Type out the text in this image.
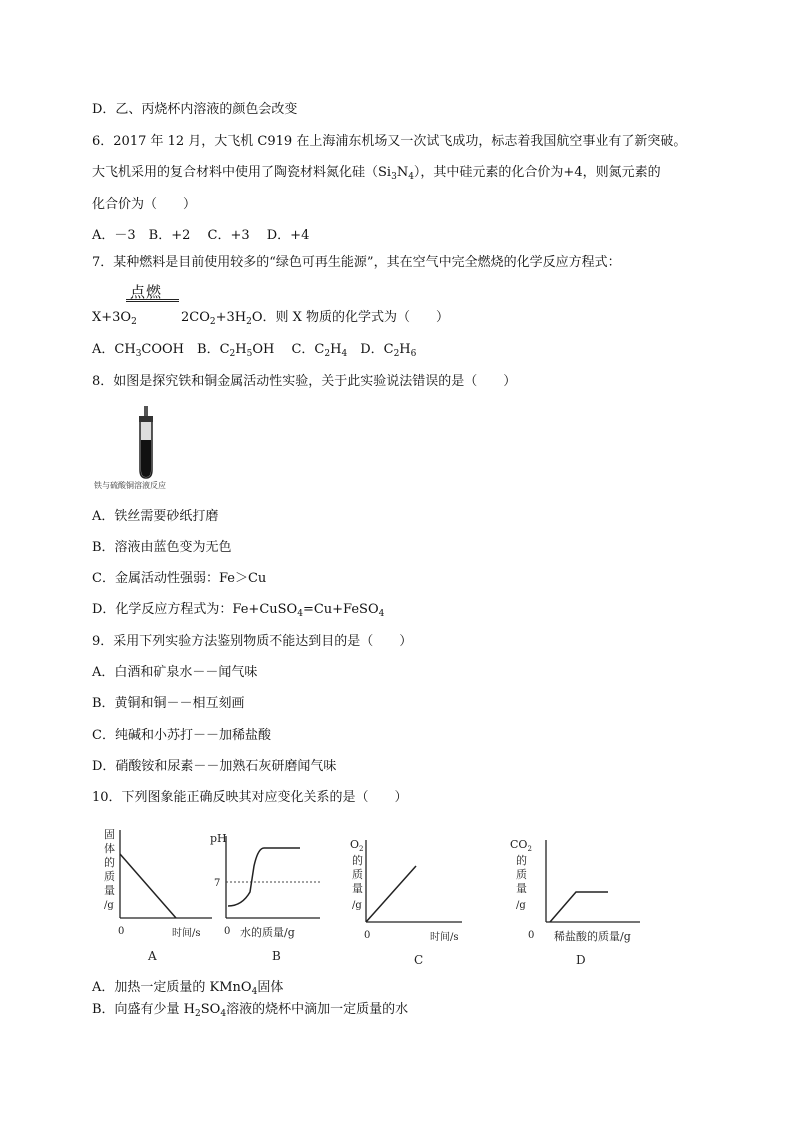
D．乙、丙烧杯内溶液的颜色会改变
6．2017 年 12 月，大飞机 C919 在上海浦东机场又一次试飞成功，标志着我国航空事业有了新突破。
大飞机采用的复合材料中使用了陶瓷材料氮化硅$(Si_3N_4)$，其中硅元素的化合价为+4，则氮元素的
化合价为（　　）
A．－3　B．+2　 C．+3　 D．+4
7．某种燃料是目前使用较多的“绿色可再生能源”，其在空气中完全燃烧的化学反应方程式：
点燃
$X+3O_2$	$2CO_2+3H_2O$．则 X 物质的化学式为（　　）
A．$CH_3COOH$　B．$C_2H_5OH$　 C．$C_2H_4$　D．$C_2H_6$
8．如图是探究铁和铜金属活动性实验，关于此实验说法错误的是（　　）
铁与硫酸铜溶液反应
A．铁丝需要砂纸打磨
B．溶液由蓝色变为无色
C．金属活动性强弱：Fe＞Cu
D．化学反应方程式为：Fe+CuSO$_4$=Cu+FeSO$_4$
9．采用下列实验方法鉴别物质不能达到目的是（　　）
A．白酒和矿泉水－－闻气味
B．黄铜和铜－－相互刻画
C．纯碱和小苏打－－加稀盐酸
D．硝酸铵和尿素－－加熟石灰研磨闻气味
10．下列图象能正确反映其对应变化关系的是（　　）
固
体
的
质
量
/g
0	时间/s
A
pH
7
0 水的质量/g
B
$O_2$
的
质
量
/g
0	时间/s
C
$CO_2$
的
质
量
/g
0 稀盐酸的质量/g
D
A．加热一定质量的 KMnO$_4$固体
B．向盛有少量 $H_2SO_4$溶液的烧杯中滴加一定质量的水
